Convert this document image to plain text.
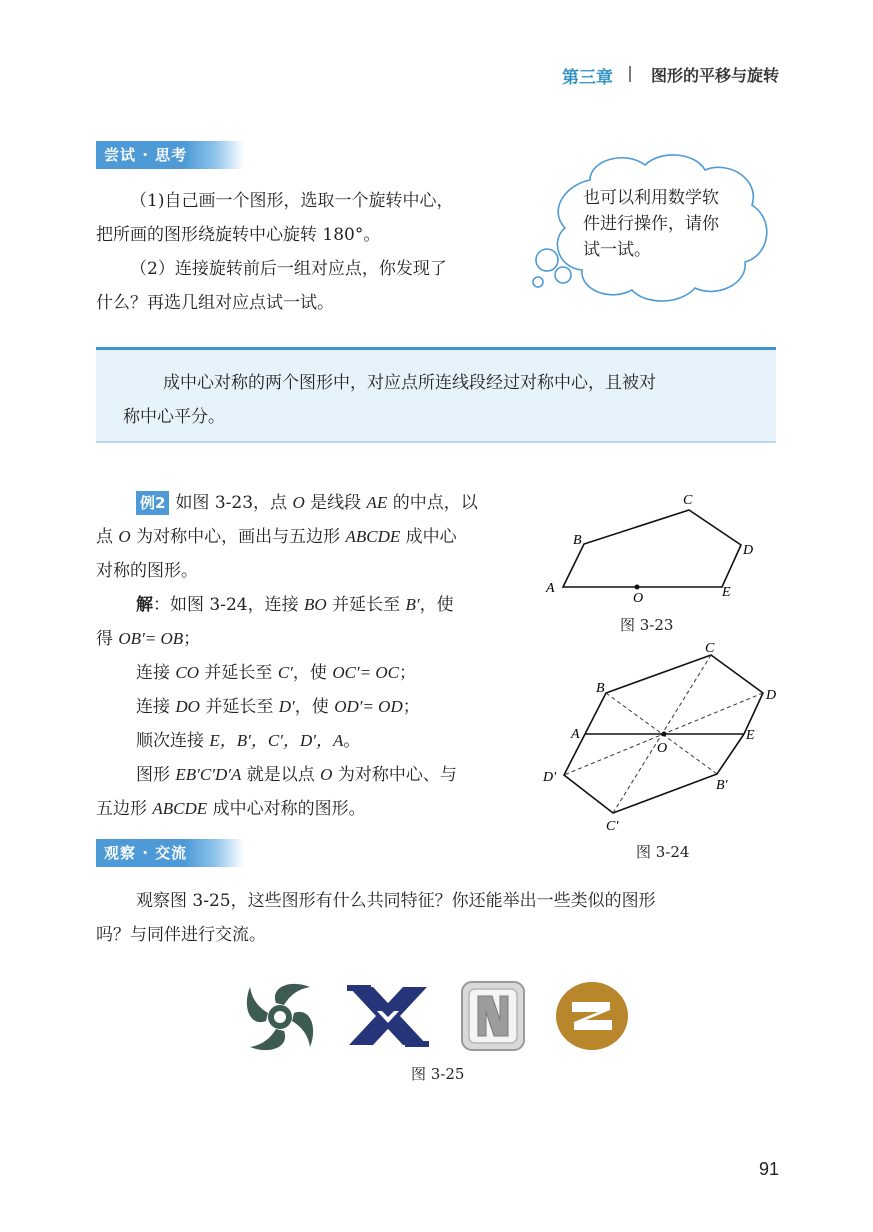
第三章 图形的平移与旋转
尝试 · 思考

（1)自己画一个图形，选取一个旋转中心，

把所画的图形绕旋转中心旋转 180°。

（2）连接旋转前后一组对应点，你发现了

什么？再选几组对应点试一试。

也可以利用数学软
件进行操作，请你
试一试。
成中心对称的两个图形中，对应点所连线段经过对称中心，且被对
称中心平分。
例2 如图 3-23，点 O 是线段 AE 的中点，以
点 O 为对称中心，画出与五边形 ABCDE 成中心
对称的图形。
解：如图 3-24，连接 BO 并延长至 B′，使
得 OB′= OB；
连接 CO 并延长至 C′，使 OC′= OC；
连接 DO 并延长至 D′，使 OD′= OD；
顺次连接 E，B′，C′，D′，A。
图形 EB′C′D′A 就是以点 O 为对称中心、与
五边形 ABCDE 成中心对称的图形。
A
B
C
D
E
O
图 3-23
A
B
C
D
E
O
B′
C′
D′
图 3-24
观察 · 交流
观察图 3-25，这些图形有什么共同特征？你还能举出一些类似的图形
吗？与同伴进行交流。
图 3-25
91
